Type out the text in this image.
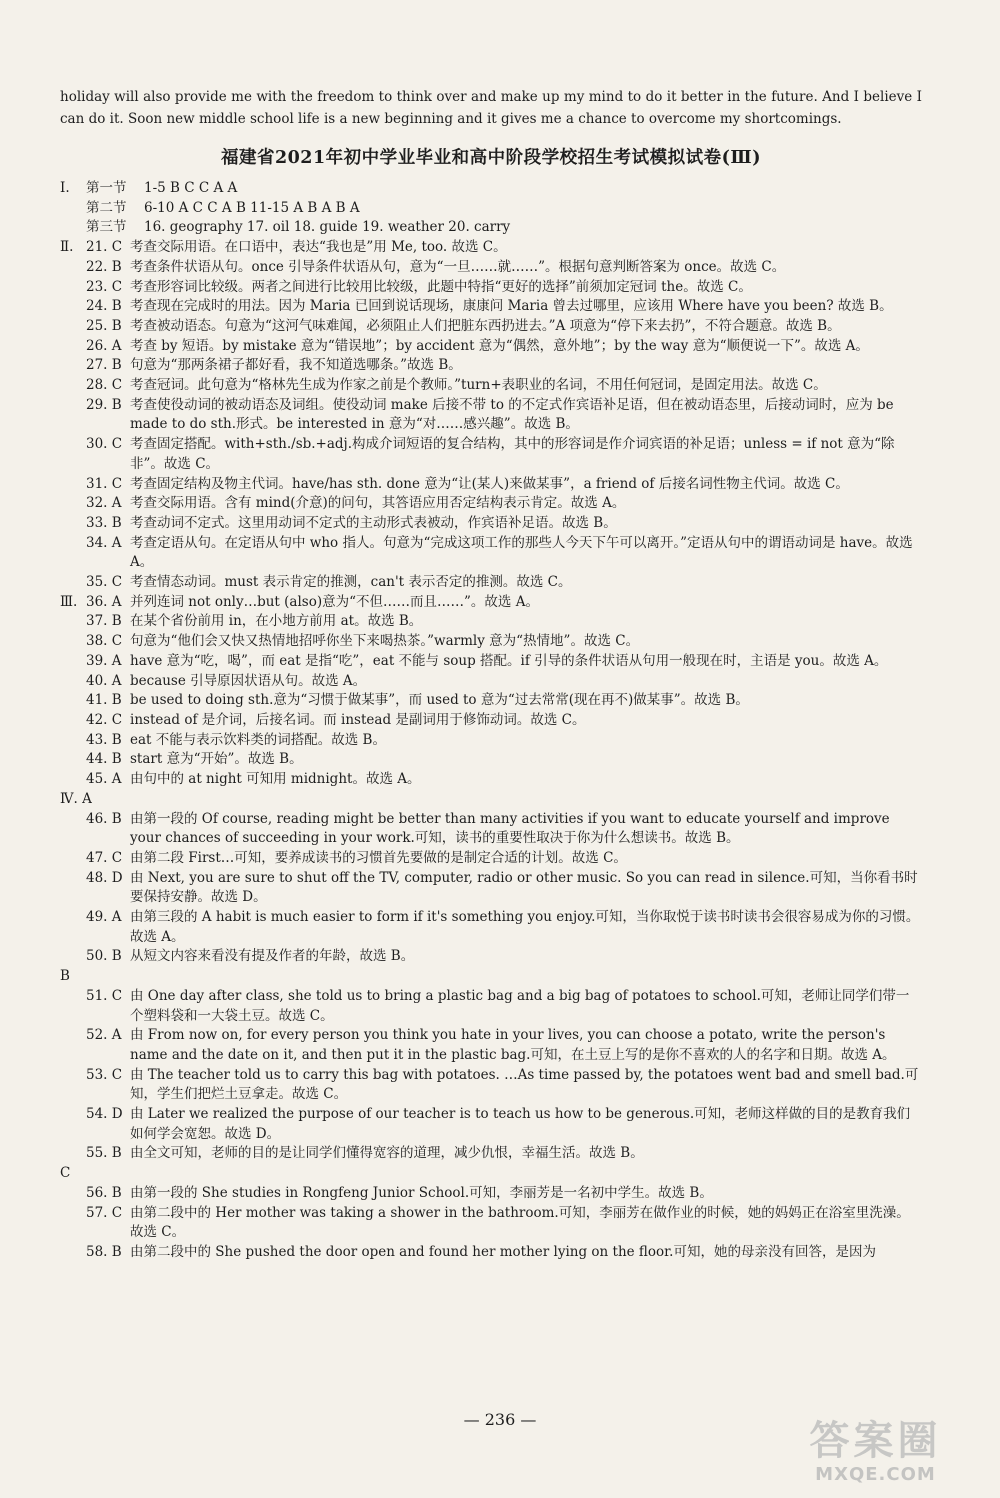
holiday will also provide me with the freedom to think over and make up my mind to do it better in the future. And I believe I can do it. Soon new middle school life is a new beginning and it gives me a chance to overcome my shortcomings.
福建省2021年初中学业毕业和高中阶段学校招生考试模拟试卷(Ⅲ)
Ⅰ.	第一节	1-5 B C C A A
第二节	6-10 A C C A B 11-15 A B A B A
第三节	16. geography 17. oil 18. guide 19. weather 20. carry
Ⅱ. 21. C 考查交际用语。在口语中，表达“我也是”用 Me, too. 故选 C。
22. B 考查条件状语从句。once 引导条件状语从句，意为“一旦……就……”。根据句意判断答案为 once。故选 C。
23. C 考查形容词比较级。两者之间进行比较用比较级，此题中特指“更好的选择”前须加定冠词 the。故选 C。
24. B 考查现在完成时的用法。因为 Maria 已回到说话现场，康康问 Maria 曾去过哪里，应该用 Where have you been? 故选 B。
25. B 考查被动语态。句意为“这河气味难闻，必须阻止人们把脏东西扔进去。”A 项意为“停下来去扔”，不符合题意。故选 B。
26. A 考查 by 短语。by mistake 意为“错误地”；by accident 意为“偶然，意外地”；by the way 意为“顺便说一下”。故选 A。
27. B 句意为“那两条裙子都好看，我不知道选哪条。”故选 B。
28. C 考查冠词。此句意为“格林先生成为作家之前是个教师。”turn+表职业的名词，不用任何冠词，是固定用法。故选 C。
29. B 考查使役动词的被动语态及词组。使役动词 make 后接不带 to 的不定式作宾语补足语，但在被动语态里，后接动词时，应为 be made to do sth.形式。be interested in 意为“对……感兴趣”。故选 B。
30. C 考查固定搭配。with+sth./sb.+adj.构成介词短语的复合结构，其中的形容词是作介词宾语的补足语；unless = if not 意为“除非”。故选 C。
31. C 考查固定结构及物主代词。have/has sth. done 意为“让(某人)来做某事”，a friend of 后接名词性物主代词。故选 C。
32. A 考查交际用语。含有 mind(介意)的问句，其答语应用否定结构表示肯定。故选 A。
33. B 考查动词不定式。这里用动词不定式的主动形式表被动，作宾语补足语。故选 B。
34. A 考查定语从句。在定语从句中 who 指人。句意为“完成这项工作的那些人今天下午可以离开。”定语从句中的谓语动词是 have。故选 A。
35. C 考查情态动词。must 表示肯定的推测，can't 表示否定的推测。故选 C。
Ⅲ. 36. A 并列连词 not only…but (also)意为“不但……而且……”。故选 A。
37. B 在某个省份前用 in，在小地方前用 at。故选 B。
38. C 句意为“他们会又快又热情地招呼你坐下来喝热茶。”warmly 意为“热情地”。故选 C。
39. A have 意为“吃，喝”，而 eat 是指“吃”，eat 不能与 soup 搭配。if 引导的条件状语从句用一般现在时，主语是 you。故选 A。
40. A because 引导原因状语从句。故选 A。
41. B be used to doing sth.意为“习惯于做某事”，而 used to 意为“过去常常(现在再不)做某事”。故选 B。
42. C instead of 是介词，后接名词。而 instead 是副词用于修饰动词。故选 C。
43. B eat 不能与表示饮料类的词搭配。故选 B。
44. B start 意为“开始”。故选 B。
45. A 由句中的 at night 可知用 midnight。故选 A。
Ⅳ. A
46. B 由第一段的 Of course, reading might be better than many activities if you want to educate yourself and improve your chances of succeeding in your work.可知，读书的重要性取决于你为什么想读书。故选 B。
47. C 由第二段 First…可知，要养成读书的习惯首先要做的是制定合适的计划。故选 C。
48. D 由 Next, you are sure to shut off the TV, computer, radio or other music. So you can read in silence.可知，当你看书时要保持安静。故选 D。
49. A 由第三段的 A habit is much easier to form if it's something you enjoy.可知，当你取悦于读书时读书会很容易成为你的习惯。故选 A。
50. B 从短文内容来看没有提及作者的年龄，故选 B。
B
51. C 由 One day after class, she told us to bring a plastic bag and a big bag of potatoes to school.可知，老师让同学们带一个塑料袋和一大袋土豆。故选 C。
52. A 由 From now on, for every person you think you hate in your lives, you can choose a potato, write the person's name and the date on it, and then put it in the plastic bag.可知，在土豆上写的是你不喜欢的人的名字和日期。故选 A。
53. C 由 The teacher told us to carry this bag with potatoes. …As time passed by, the potatoes went bad and smell bad.可知，学生们把烂土豆拿走。故选 C。
54. D 由 Later we realized the purpose of our teacher is to teach us how to be generous.可知，老师这样做的目的是教育我们如何学会宽恕。故选 D。
55. B 由全文可知，老师的目的是让同学们懂得宽容的道理，减少仇恨，幸福生活。故选 B。
C
56. B 由第一段的 She studies in Rongfeng Junior School.可知，李丽芳是一名初中学生。故选 B。
57. C 由第二段中的 Her mother was taking a shower in the bathroom.可知，李丽芳在做作业的时候，她的妈妈正在浴室里洗澡。故选 C。
58. B 由第二段中的 She pushed the door open and found her mother lying on the floor.可知，她的母亲没有回答，是因为
— 236 —	答案圈
MXQE.COM
